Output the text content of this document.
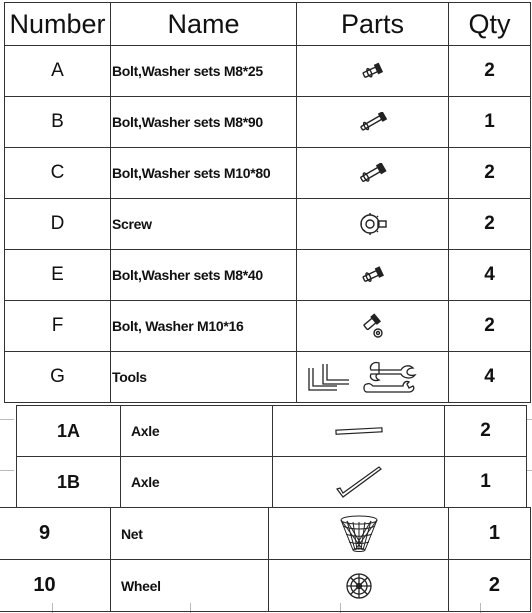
Number	Name	Parts	Qty
A	Bolt,Washer sets M8*25		2
B	Bolt,Washer sets M8*90		1
C	Bolt,Washer sets M10*80		2
D	Screw		2
E	Bolt,Washer sets M8*40		4
F	Bolt, Washer M10*16		2
G	Tools		4
1A	Axle		2
1B	Axle		1
9	Net		1
10	Wheel		2
